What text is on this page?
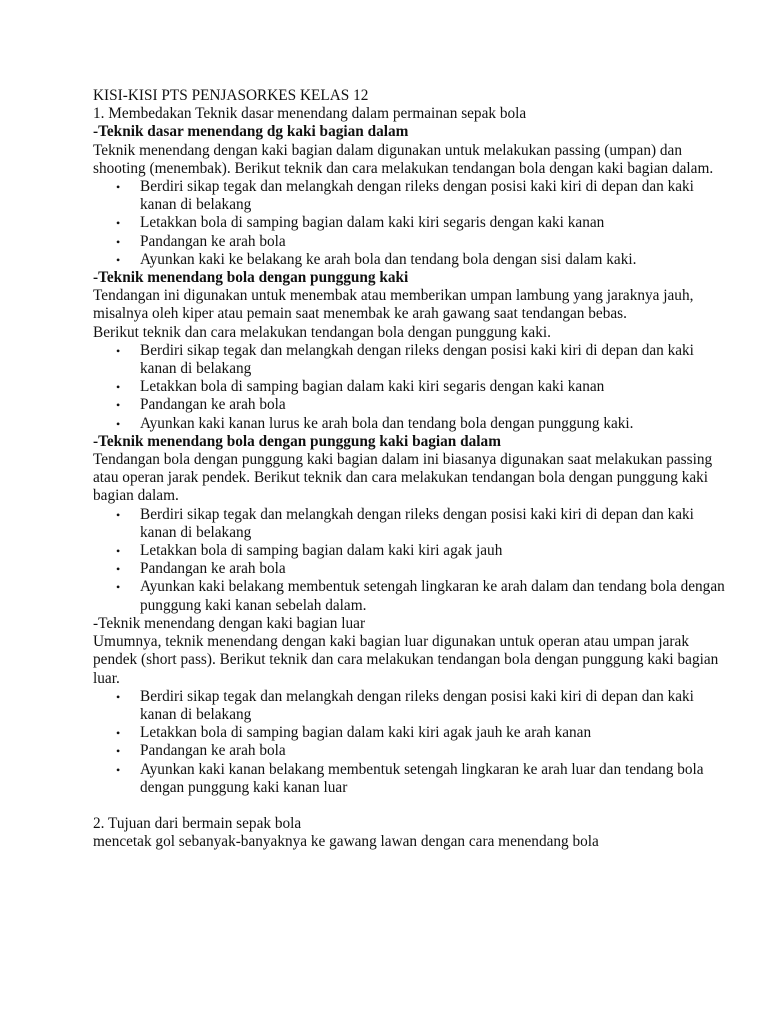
KISI-KISI PTS PENJASORKES KELAS 12

1. Membedakan Teknik dasar menendang dalam permainan sepak bola

-Teknik dasar menendang dg kaki bagian dalam

Teknik menendang dengan kaki bagian dalam digunakan untuk melakukan passing (umpan) dan shooting (menembak). Berikut teknik dan cara melakukan tendangan bola dengan kaki bagian dalam.

• Berdiri sikap tegak dan melangkah dengan rileks dengan posisi kaki kiri di depan dan kaki kanan di belakang
• Letakkan bola di samping bagian dalam kaki kiri segaris dengan kaki kanan
• Pandangan ke arah bola
• Ayunkan kaki ke belakang ke arah bola dan tendang bola dengan sisi dalam kaki.

-Teknik menendang bola dengan punggung kaki

Tendangan ini digunakan untuk menembak atau memberikan umpan lambung yang jaraknya jauh, misalnya oleh kiper atau pemain saat menembak ke arah gawang saat tendangan bebas.

Berikut teknik dan cara melakukan tendangan bola dengan punggung kaki.

• Berdiri sikap tegak dan melangkah dengan rileks dengan posisi kaki kiri di depan dan kaki kanan di belakang
• Letakkan bola di samping bagian dalam kaki kiri segaris dengan kaki kanan
• Pandangan ke arah bola
• Ayunkan kaki kanan lurus ke arah bola dan tendang bola dengan punggung kaki.

-Teknik menendang bola dengan punggung kaki bagian dalam

Tendangan bola dengan punggung kaki bagian dalam ini biasanya digunakan saat melakukan passing atau operan jarak pendek. Berikut teknik dan cara melakukan tendangan bola dengan punggung kaki bagian dalam.

• Berdiri sikap tegak dan melangkah dengan rileks dengan posisi kaki kiri di depan dan kaki kanan di belakang
• Letakkan bola di samping bagian dalam kaki kiri agak jauh
• Pandangan ke arah bola
• Ayunkan kaki belakang membentuk setengah lingkaran ke arah dalam dan tendang bola dengan punggung kaki kanan sebelah dalam.

-Teknik menendang dengan kaki bagian luar

Umumnya, teknik menendang dengan kaki bagian luar digunakan untuk operan atau umpan jarak pendek (short pass). Berikut teknik dan cara melakukan tendangan bola dengan punggung kaki bagian luar.

• Berdiri sikap tegak dan melangkah dengan rileks dengan posisi kaki kiri di depan dan kaki kanan di belakang
• Letakkan bola di samping bagian dalam kaki kiri agak jauh ke arah kanan
• Pandangan ke arah bola
• Ayunkan kaki kanan belakang membentuk setengah lingkaran ke arah luar dan tendang bola dengan punggung kaki kanan luar

2. Tujuan dari bermain sepak bola

mencetak gol sebanyak-banyaknya ke gawang lawan dengan cara menendang bola
